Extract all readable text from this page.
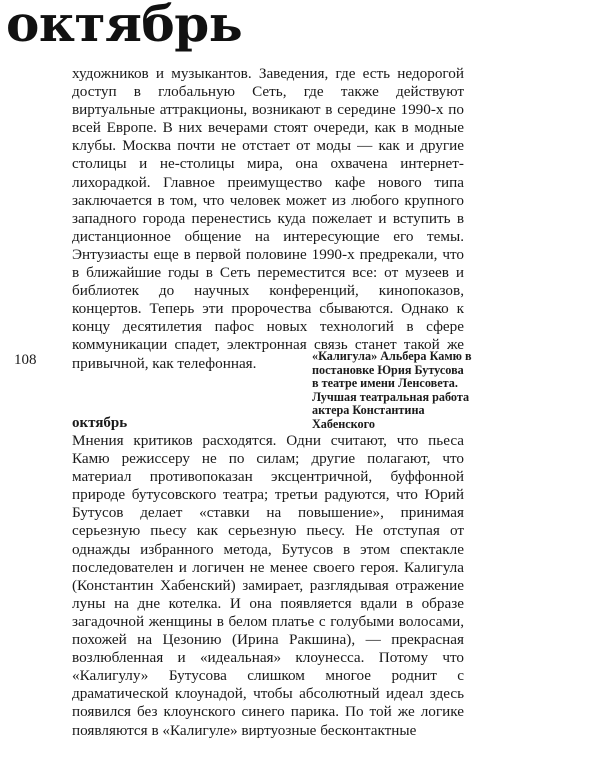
октябрь

художников и музыкантов. Заведения, где есть недорогой доступ в глобальную Сеть, где также действуют виртуальные аттракционы, возникают в середине 1990-х по всей Европе. В них вечерами стоят очереди, как в модные клубы. Москва почти не отстает от моды — как и другие столицы и не-столицы мира, она охвачена интернет-лихорадкой. Главное преимущество кафе нового типа заключается в том, что человек может из любого крупного западного города перенестись куда пожелает и вступить в дистанционное общение на интересующие его темы. Энтузиасты еще в первой половине 1990-х предрекали, что в ближайшие годы в Сеть переместится все: от музеев и библиотек до научных конференций, кинопоказов, концертов. Теперь эти пророчества сбываются. Однако к концу десятилетия пафос новых технологий в сфере коммуникации спадет, электронная связь станет такой же привычной, как телефонная.

108	«Калигула» Альбера Камю в постановке Юрия Бутусова в театре имени Ленсовета. Лучшая театральная работа актера Константина Хабенского
октябрь

Мнения критиков расходятся. Одни считают, что пьеса Камю режиссеру не по силам; другие полагают, что материал противопоказан эксцентричной, буффонной природе бутусовского театра; третьи радуются, что Юрий Бутусов делает «ставки на повышение», принимая серьезную пьесу как серьезную пьесу. Не отступая от однажды избранного метода, Бутусов в этом спектакле последователен и логичен не менее своего героя. Калигула (Константин Хабенский) замирает, разглядывая отражение луны на дне котелка. И она появляется вдали в образе загадочной женщины в белом платье с голубыми волосами, похожей на Цезонию (Ирина Ракшина), — прекрасная возлюбленная и «идеальная» клоунесса. Потому что «Калигулу» Бутусова слишком многое роднит с драматической клоунадой, чтобы абсолютный идеал здесь появился без клоунского синего парика. По той же логике появляются в «Калигуле» виртуозные бесконтактные
